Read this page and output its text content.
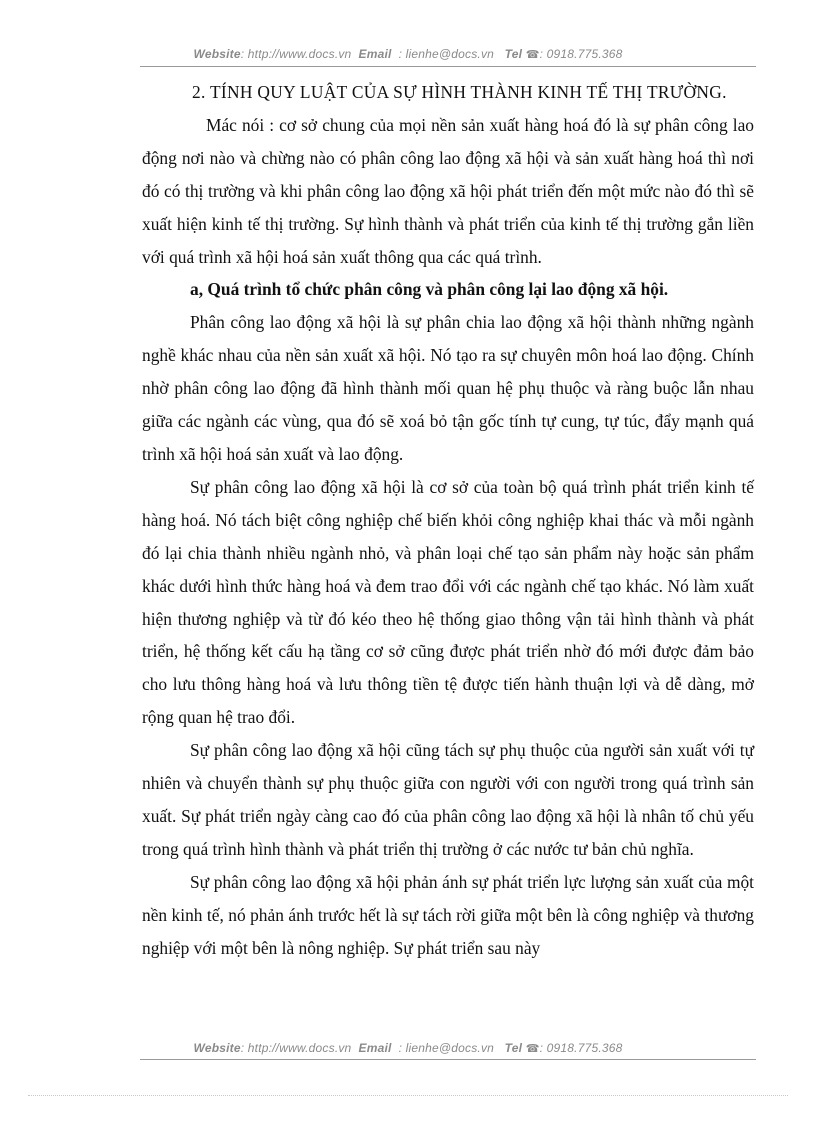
Website: http://www.docs.vn Email : lienhe@docs.vn Tel ☎: 0918.775.368

2. TÍNH QUY LUẬT CỦA SỰ HÌNH THÀNH KINH TẾ THỊ TRƯỜNG.

Mác nói : cơ sở chung của mọi nền sản xuất hàng hoá đó là sự phân công lao động nơi nào và chừng nào có phân công lao động xã hội và sản xuất hàng hoá thì nơi đó có thị trường và khi phân công lao động xã hội phát triển đến một mức nào đó thì sẽ xuất hiện kinh tế thị trường. Sự hình thành và phát triển của kinh tế thị trường gắn liền với quá trình xã hội hoá sản xuất thông qua các quá trình.

a, Quá trình tổ chức phân công và phân công lại lao động xã hội.

Phân công lao động xã hội là sự phân chia lao động xã hội thành những ngành nghề khác nhau của nền sản xuất xã hội. Nó tạo ra sự chuyên môn hoá lao động. Chính nhờ phân công lao động đã hình thành mối quan hệ phụ thuộc và ràng buộc lẫn nhau giữa các ngành các vùng, qua đó sẽ xoá bỏ tận gốc tính tự cung, tự túc, đẩy mạnh quá trình xã hội hoá sản xuất và lao động.

Sự phân công lao động xã hội là cơ sở của toàn bộ quá trình phát triển kinh tế hàng hoá. Nó tách biệt công nghiệp chế biến khỏi công nghiệp khai thác và mỗi ngành đó lại chia thành nhiều ngành nhỏ, và phân loại chế tạo sản phẩm này hoặc sản phẩm khác dưới hình thức hàng hoá và đem trao đổi với các ngành chế tạo khác. Nó làm xuất hiện thương nghiệp và từ đó kéo theo hệ thống giao thông vận tải hình thành và phát triển, hệ thống kết cấu hạ tầng cơ sở cũng được phát triển nhờ đó mới được đảm bảo cho lưu thông hàng hoá và lưu thông tiền tệ được tiến hành thuận lợi và dễ dàng, mở rộng quan hệ trao đổi.

Sự phân công lao động xã hội cũng tách sự phụ thuộc của người sản xuất với tự nhiên và chuyển thành sự phụ thuộc giữa con người với con người trong quá trình sản xuất. Sự phát triển ngày càng cao đó của phân công lao động xã hội là nhân tố chủ yếu trong quá trình hình thành và phát triển thị trường ở các nước tư bản chủ nghĩa.

Sự phân công lao động xã hội phản ánh sự phát triển lực lượng sản xuất của một nền kinh tế, nó phản ánh trước hết là sự tách rời giữa một bên là công nghiệp và thương nghiệp với một bên là nông nghiệp. Sự phát triển sau này

Website: http://www.docs.vn Email : lienhe@docs.vn Tel ☎: 0918.775.368
